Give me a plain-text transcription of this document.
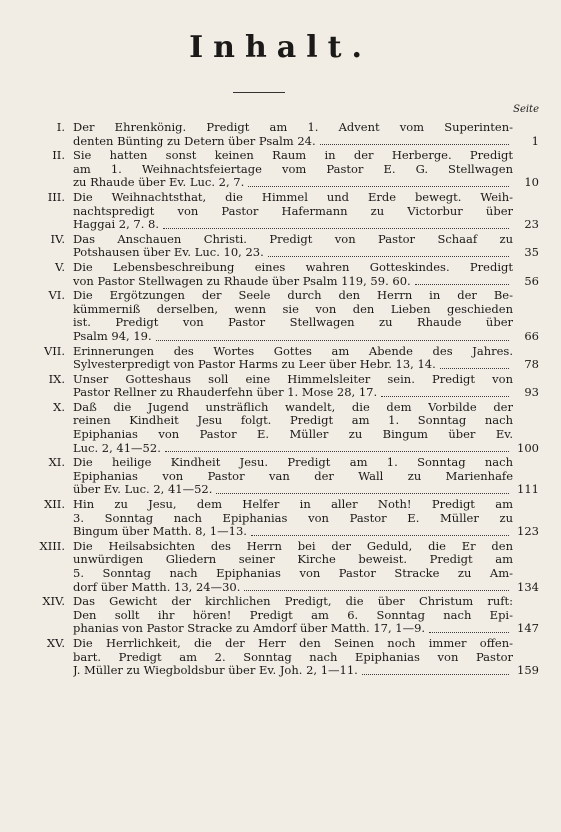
Inhalt.
Seite
I. Der Ehrenkönig. Predigt am 1. Advent vom Superinten-
denten Bünting zu Detern über Psalm 24.	1
II. Sie hatten sonst keinen Raum in der Herberge. Predigt
am 1. Weihnachtsfeiertage vom Pastor E. G. Stellwagen
zu Rhaude über Ev. Luc. 2, 7.	10
III. Die Weihnachtsthat, die Himmel und Erde bewegt. Weih-
nachtspredigt von Pastor Hafermann zu Victorbur über
Haggai 2, 7. 8.	23
IV. Das Anschauen Christi. Predigt von Pastor Schaaf zu
Potshausen über Ev. Luc. 10, 23.	35
V. Die Lebensbeschreibung eines wahren Gotteskindes. Predigt
von Pastor Stellwagen zu Rhaude über Psalm 119, 59. 60.	56
VI. Die Ergötzungen der Seele durch den Herrn in der Be-
kümmerniß derselben, wenn sie von den Lieben geschieden
ist. Predigt von Pastor Stellwagen zu Rhaude über
Psalm 94, 19.	66
VII. Erinnerungen des Wortes Gottes am Abende des Jahres.
Sylvesterpredigt von Pastor Harms zu Leer über Hebr. 13, 14.	78
IX. Unser Gotteshaus soll eine Himmelsleiter sein. Predigt von
Pastor Rellner zu Rhauderfehn über 1. Mose 28, 17.	93
X. Daß die Jugend unsträflich wandelt, die dem Vorbilde der
reinen Kindheit Jesu folgt. Predigt am 1. Sonntag nach
Epiphanias von Pastor E. Müller zu Bingum über Ev.
Luc. 2, 41—52.	100
XI. Die heilige Kindheit Jesu. Predigt am 1. Sonntag nach
Epiphanias von Pastor van der Wall zu Marienhafe
über Ev. Luc. 2, 41—52.	111
XII. Hin zu Jesu, dem Helfer in aller Noth! Predigt am
3. Sonntag nach Epiphanias von Pastor E. Müller zu
Bingum über Matth. 8, 1—13.	123
XIII. Die Heilsabsichten des Herrn bei der Geduld, die Er den
unwürdigen Gliedern seiner Kirche beweist. Predigt am
5. Sonntag nach Epiphanias von Pastor Stracke zu Am-
dorf über Matth. 13, 24—30.	134
XIV. Das Gewicht der kirchlichen Predigt, die über Christum ruft:
Den sollt ihr hören! Predigt am 6. Sonntag nach Epi-
phanias von Pastor Stracke zu Amdorf über Matth. 17, 1—9.	147
XV. Die Herrlichkeit, die der Herr den Seinen noch immer offen-
bart. Predigt am 2. Sonntag nach Epiphanias von Pastor
J. Müller zu Wiegboldsbur über Ev. Joh. 2, 1—11.	159
